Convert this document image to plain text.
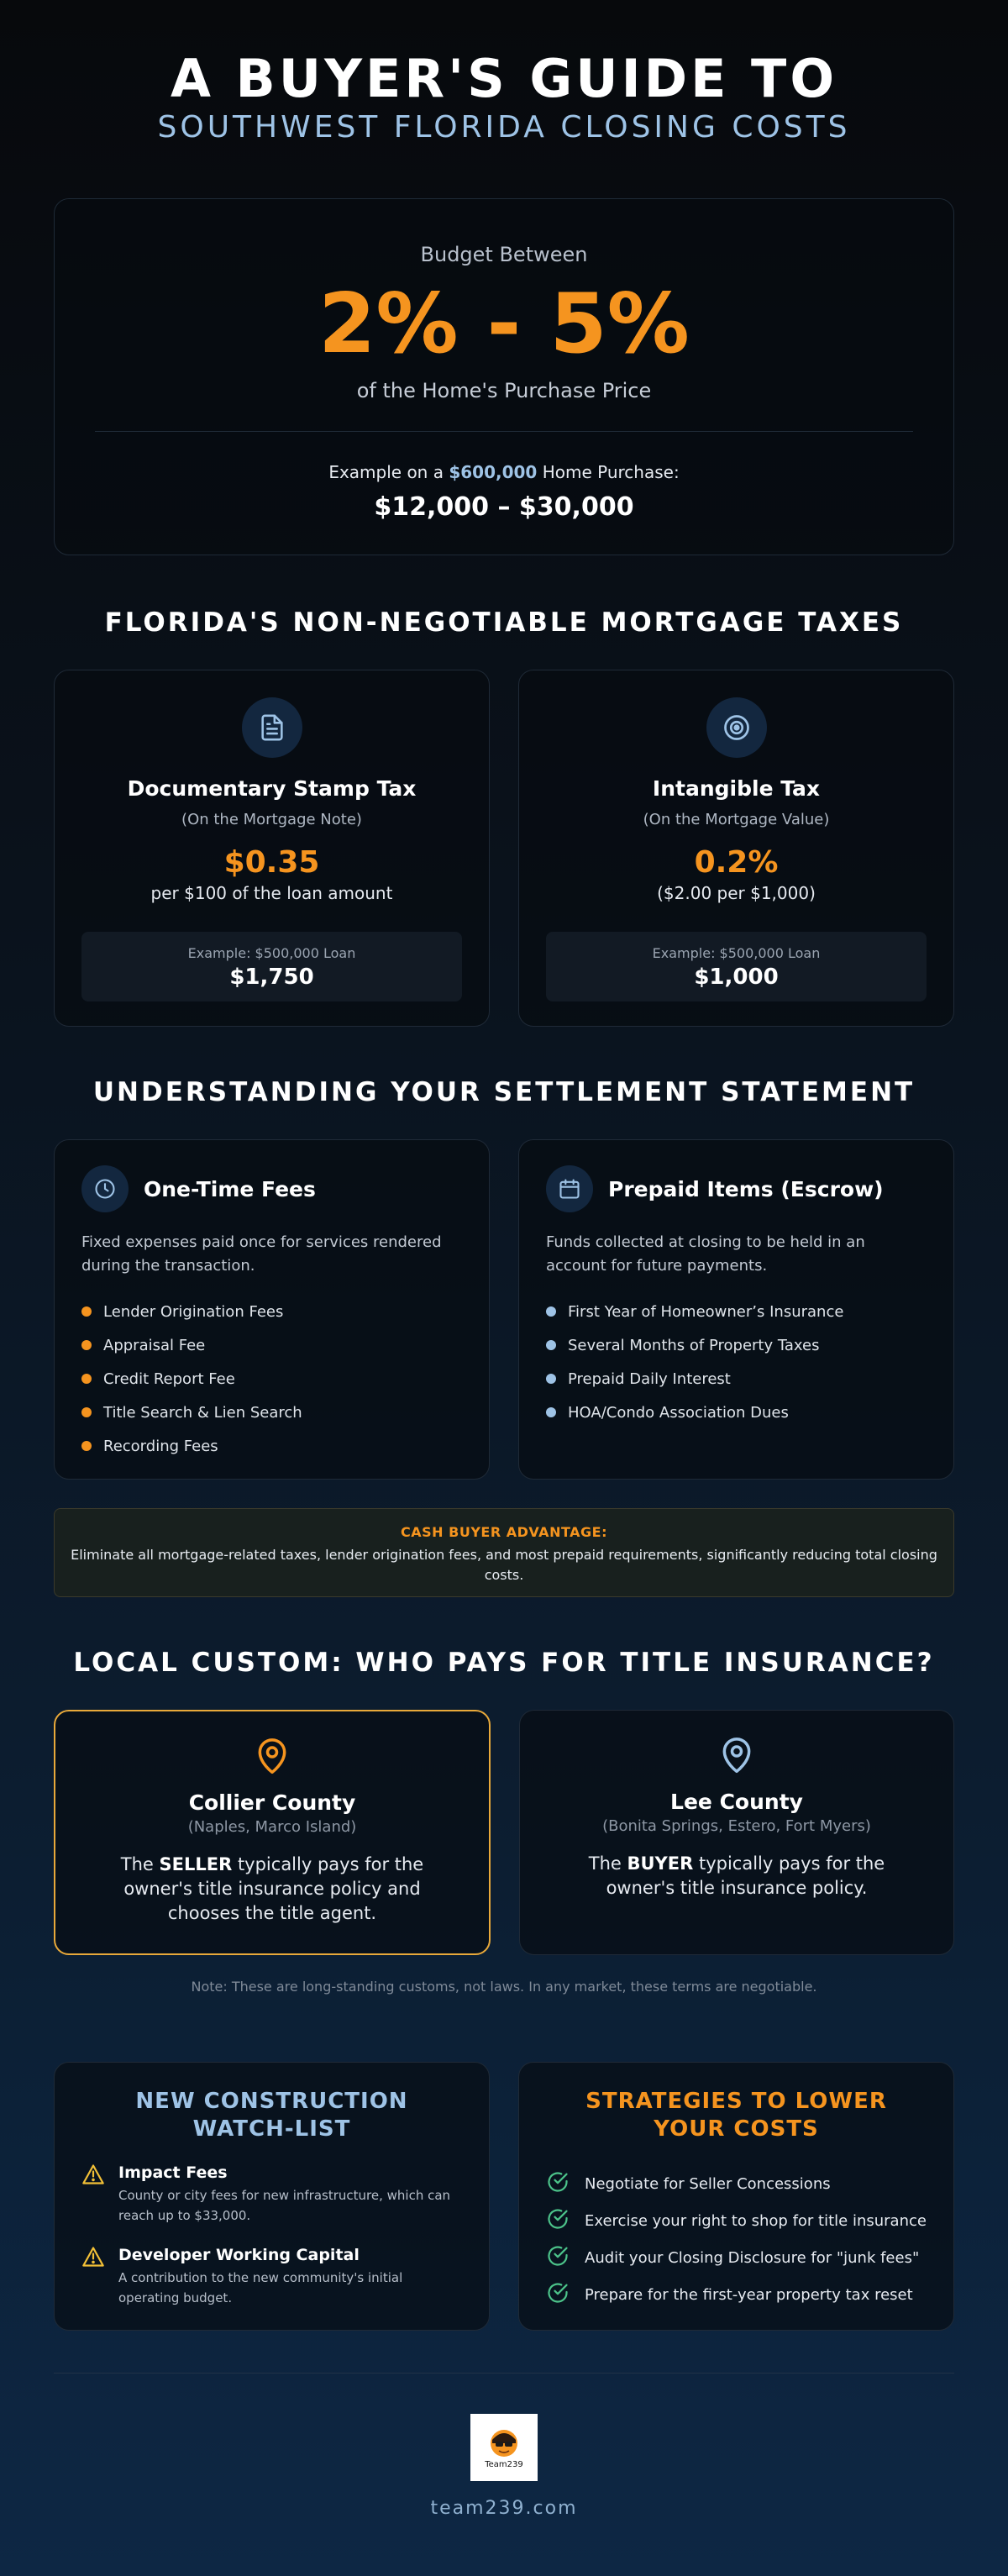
A BUYER'S GUIDE TO
SOUTHWEST FLORIDA CLOSING COSTS
Budget Between
2% - 5%
of the Home's Purchase Price
Example on a $600,000 Home Purchase:
$12,000 – $30,000
FLORIDA'S NON-NEGOTIABLE MORTGAGE TAXES
Documentary Stamp Tax
(On the Mortgage Note)
$0.35
per $100 of the loan amount
Example: $500,000 Loan
$1,750
Intangible Tax
(On the Mortgage Value)
0.2%
($2.00 per $1,000)
Example: $500,000 Loan
$1,000
UNDERSTANDING YOUR SETTLEMENT STATEMENT
One-Time Fees

Fixed expenses paid once for services rendered during the transaction.

Lender Origination Fees
Appraisal Fee
Credit Report Fee
Title Search & Lien Search
Recording Fees
Prepaid Items (Escrow)

Funds collected at closing to be held in an account for future payments.

First Year of Homeowner’s Insurance
Several Months of Property Taxes
Prepaid Daily Interest
HOA/Condo Association Dues
CASH BUYER ADVANTAGE:
Eliminate all mortgage-related taxes, lender origination fees, and most prepaid requirements, significantly reducing total closing costs.
LOCAL CUSTOM: WHO PAYS FOR TITLE INSURANCE?
Collier County
(Naples, Marco Island)

The SELLER typically pays for the owner's title insurance policy and chooses the title agent.

Lee County
(Bonita Springs, Estero, Fort Myers)

The BUYER typically pays for the owner's title insurance policy.

Note: These are long-standing customs, not laws. In any market, these terms are negotiable.
NEW CONSTRUCTION WATCH-LIST
Impact Fees
County or city fees for new infrastructure, which can reach up to $33,000.
Developer Working Capital
A contribution to the new community's initial operating budget.
STRATEGIES TO LOWER YOUR COSTS
Negotiate for Seller Concessions
Exercise your right to shop for title insurance
Audit your Closing Disclosure for "junk fees"
Prepare for the first-year property tax reset
Team239
team239.com
